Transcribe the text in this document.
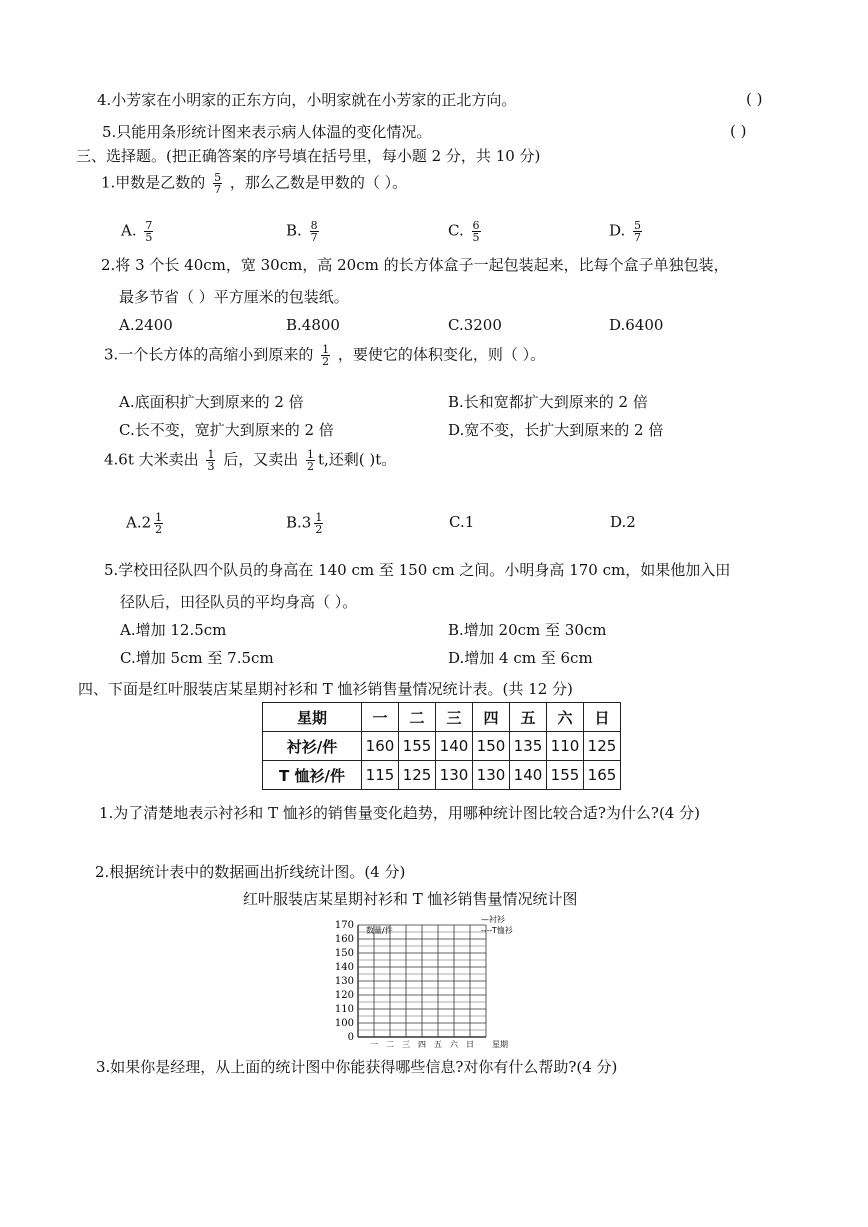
4.小芳家在小明家的正东方向，小明家就在小芳家的正北方向。	( )
5.只能用条形统计图来表示病人体温的变化情况。	( )
三、选择题。(把正确答案的序号填在括号里，每小题 2 分，共 10 分)
1.甲数是乙数的 $\frac{5}{7}$ ，那么乙数是甲数的（ ）。
A. $\frac{7}{5}$	B. $\frac{8}{7}$	C. $\frac{6}{5}$	D. $\frac{5}{7}$
2.将 3 个长 40cm，宽 30cm，高 20cm 的长方体盒子一起包装起来，比每个盒子单独包装，
最多节省（ ）平方厘米的包装纸。
A.2400	B.4800	C.3200	D.6400
3.一个长方体的高缩小到原来的 $\frac{1}{2}$ ，要使它的体积变化，则（ ）。
A.底面积扩大到原来的 2 倍	B.长和宽都扩大到原来的 2 倍
C.长不变，宽扩大到原来的 2 倍	D.宽不变，长扩大到原来的 2 倍
4.6t 大米卖出 $\frac{1}{3}$ 后，又卖出 $\frac{1}{2} t$,还剩( )t。
$A.2 \frac{1}{2}$	$B.3 \frac{1}{2}$	C.1	D.2
5.学校田径队四个队员的身高在 140 cm 至 150 cm 之间。小明身高 170 cm，如果他加入田
径队后，田径队员的平均身高（ ）。
A.增加 12.5cm	B.增加 20cm 至 30cm
C.增加 5cm 至 7.5cm	D.增加 4 cm 至 6cm
四、下面是红叶服装店某星期衬衫和 T 恤衫销售量情况统计表。(共 12 分)
星期	一	二	三	四	五	六	日
衬衫/件	160	155	140	150	135	110	125
T 恤衫/件	115	125	130	130	140	155	165
1.为了清楚地表示衬衫和 T 恤衫的销售量变化趋势，用哪种统计图比较合适?为什么?(4 分)
2.根据统计表中的数据画出折线统计图。(4 分)
红叶服装店某星期衬衫和 T 恤衫销售量情况统计图
数量/件
—衬衫
----T恤衫
170
160
150
140
130
120
110
100
0
一 二 三 四 五 六 日 星期
3.如果你是经理，从上面的统计图中你能获得哪些信息?对你有什么帮助?(4 分)
